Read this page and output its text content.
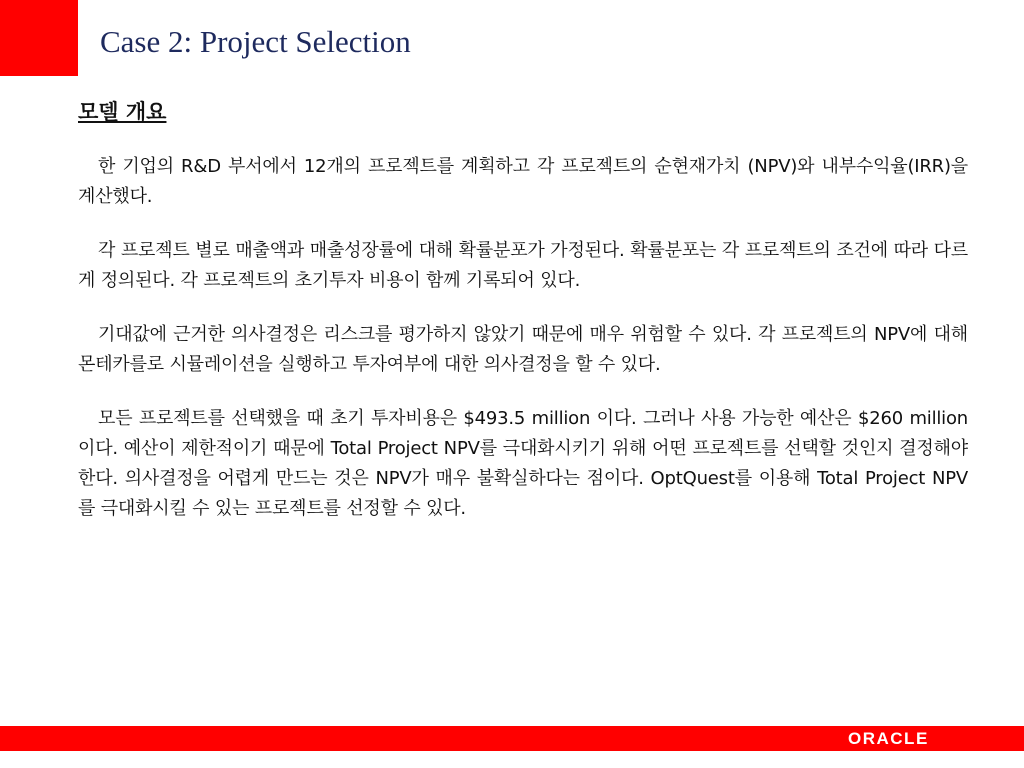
Case 2: Project Selection

모델 개요

한 기업의 R&D 부서에서 12개의 프로젝트를 계획하고 각 프로젝트의 순현재가치 (NPV)와 내부수익율(IRR)을 계산했다.

각 프로젝트 별로 매출액과 매출성장률에 대해 확률분포가 가정된다. 확률분포는 각 프로젝트의 조건에 따라 다르게 정의된다. 각 프로젝트의 초기투자 비용이 함께 기록되어 있다.

기대값에 근거한 의사결정은 리스크를 평가하지 않았기 때문에 매우 위험할 수 있다. 각 프로젝트의 NPV에 대해 몬테카를로 시뮬레이션을 실행하고 투자여부에 대한 의사결정을 할 수 있다.

모든 프로젝트를 선택했을 때 초기 투자비용은 $493.5 million 이다. 그러나 사용 가능한 예산은 $260 million 이다. 예산이 제한적이기 때문에 Total Project NPV를 극대화시키기 위해 어떤 프로젝트를 선택할 것인지 결정해야 한다. 의사결정을 어렵게 만드는 것은 NPV가 매우 불확실하다는 점이다. OptQuest를 이용해 Total Project NPV를 극대화시킬 수 있는 프로젝트를 선정할 수 있다.

ORACLE
